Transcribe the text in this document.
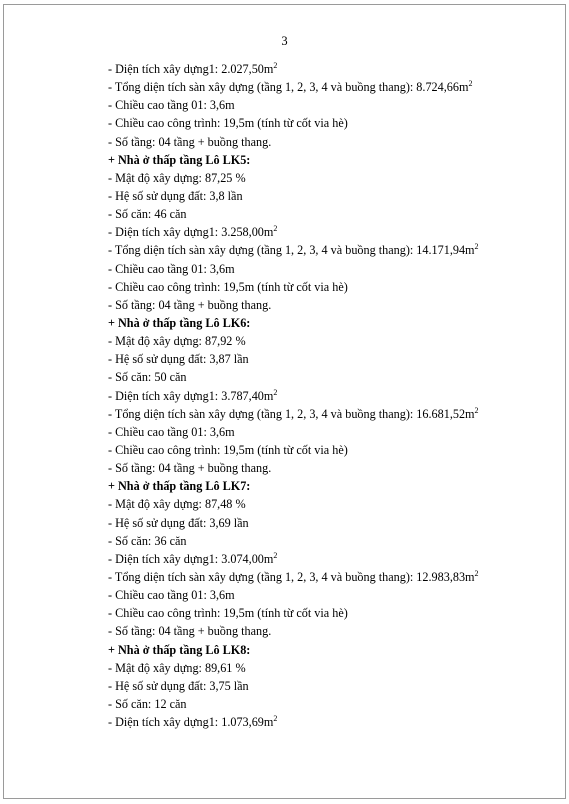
3
- Diện tích xây dựng1: $2.027,50m^2$
- Tổng diện tích sàn xây dựng (tầng 1, 2, 3, 4 và buồng thang): $8.724,66m^2$
- Chiều cao tầng 01: 3,6m
- Chiều cao công trình: 19,5m (tính từ cốt via hè)
- Số tầng: 04 tầng + buồng thang.
+ Nhà ở thấp tầng Lô LK5:
- Mật độ xây dựng: 87,25 %
- Hệ số sử dụng đất: 3,8 lần
- Số căn: 46 căn
- Diện tích xây dựng1: $3.258,00m^2$
- Tổng diện tích sàn xây dựng (tầng 1, 2, 3, 4 và buồng thang): $14.171,94m^2$
- Chiều cao tầng 01: 3,6m
- Chiều cao công trình: 19,5m (tính từ cốt via hè)
- Số tầng: 04 tầng + buồng thang.
+ Nhà ở thấp tầng Lô LK6:
- Mật độ xây dựng: 87,92 %
- Hệ số sử dụng đất: 3,87 lần
- Số căn: 50 căn
- Diện tích xây dựng1: $3.787,40m^2$
- Tổng diện tích sàn xây dựng (tầng 1, 2, 3, 4 và buồng thang): $16.681,52m^2$
- Chiều cao tầng 01: 3,6m
- Chiều cao công trình: 19,5m (tính từ cốt via hè)
- Số tầng: 04 tầng + buồng thang.
+ Nhà ở thấp tầng Lô LK7:
- Mật độ xây dựng: 87,48 %
- Hệ số sử dụng đất: 3,69 lần
- Số căn: 36 căn
- Diện tích xây dựng1: $3.074,00m^2$
- Tổng diện tích sàn xây dựng (tầng 1, 2, 3, 4 và buồng thang): $12.983,83m^2$
- Chiều cao tầng 01: 3,6m
- Chiều cao công trình: 19,5m (tính từ cốt via hè)
- Số tầng: 04 tầng + buồng thang.
+ Nhà ở thấp tầng Lô LK8:
- Mật độ xây dựng: 89,61 %
- Hệ số sử dụng đất: 3,75 lần
- Số căn: 12 căn
- Diện tích xây dựng1: $1.073,69m^2$
